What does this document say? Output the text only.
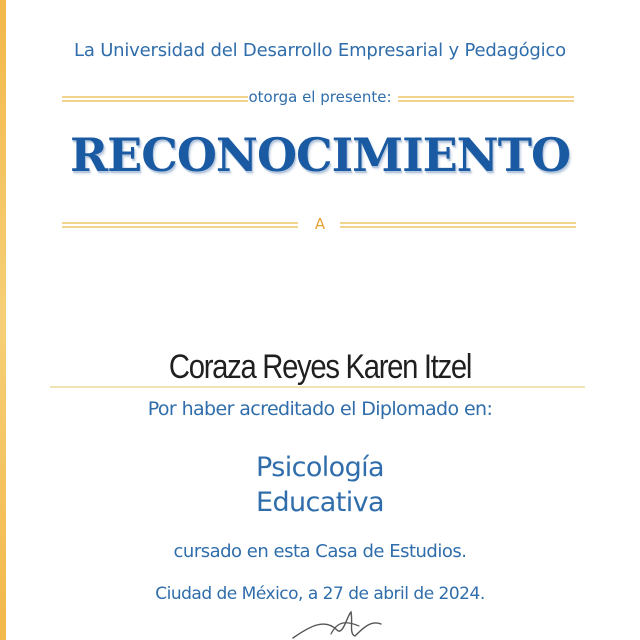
La Universidad del Desarrollo Empresarial y Pedagógico
otorga el presente:
RECONOCIMIENTO
A
Coraza Reyes Karen Itzel
Por haber acreditado el Diplomado en:
Psicología
Educativa
cursado en esta Casa de Estudios.
Ciudad de México, a 27 de abril de 2024.
